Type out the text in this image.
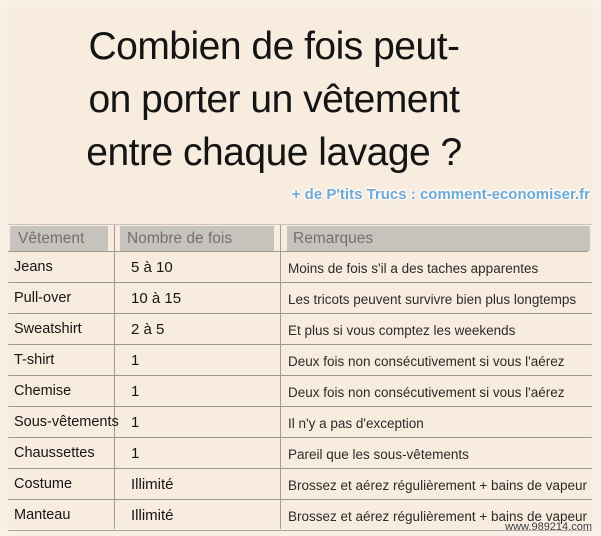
Combien de fois peut-
on porter un vêtement
entre chaque lavage ?
+ de P'tits Trucs : comment-economiser.fr
Vêtement	Nombre de fois	Remarques
Jeans	5 à 10	Moins de fois s'il a des taches apparentes
Pull-over	10 à 15	Les tricots peuvent survivre bien plus longtemps
Sweatshirt	2 à 5	Et plus si vous comptez les weekends
T-shirt	1	Deux fois non consécutivement si vous l'aérez
Chemise	1	Deux fois non consécutivement si vous l'aérez
Sous-vêtements 1	Il n'y a pas d'exception
Chaussettes	1	Pareil que les sous-vêtements
Costume	Illimité	Brossez et aérez régulièrement + bains de vapeur
Manteau	Illimité	Brossez et aérez régulièrement + bains de vapeur
www.989214.com
